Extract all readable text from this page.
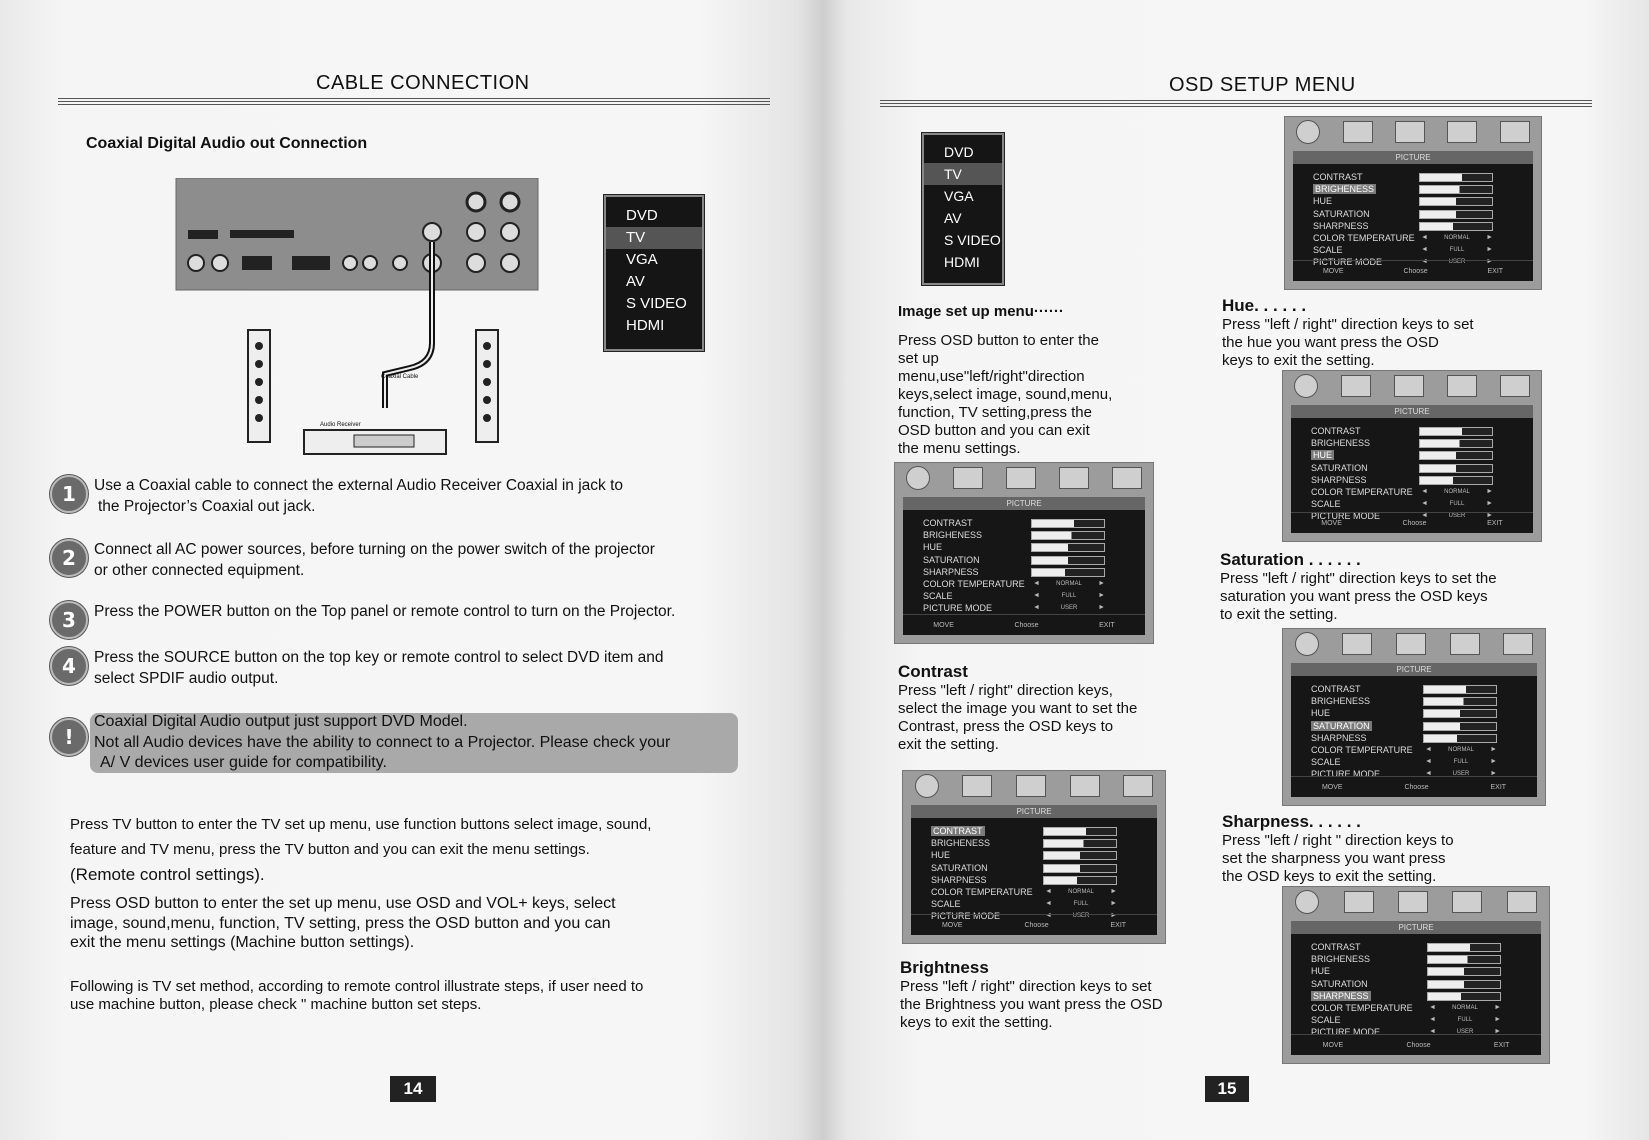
CABLE CONNECTION
Coaxial Digital Audio out Connection
Coaxial Cable
Audio Receiver
DVD
TV
VGA
AV
S VIDEO
HDMI
1	Use a Coaxial cable to connect the external Audio Receiver Coaxial in jack to
the Projector’s Coaxial out jack.
2	Connect all AC power sources, before turning on the power switch of the projector
or other connected equipment.
3	Press the POWER button on the Top panel or remote control to turn on the Projector.
4	Press the SOURCE button on the top key or remote control to select DVD item and
select SPDIF audio output.
!
Coaxial Digital Audio output just support DVD Model.
Not all Audio devices have the ability to connect to a Projector. Please check your
A/ V devices user guide for compatibility.
Press TV button to enter the TV set up menu, use function buttons select image, sound,
feature and TV menu, press the TV button and you can exit the menu settings.
(Remote control settings).
Press OSD button to enter the set up menu, use OSD and VOL+ keys, select
image, sound,menu, function, TV setting, press the OSD button and you can
exit the menu settings (Machine button settings).
Following is TV set method, according to remote control illustrate steps, if user need to
use machine button, please check " machine button set steps.
14
OSD SETUP MENU
DVD
TV
VGA
AV
S VIDEO
HDMI
Image set up menu······
Press OSD button to enter the
set up
menu,use"left/right"direction
keys,select image, sound,menu,
function, TV setting,press the
OSD button and you can exit
the menu settings.
PICTURE
CONTRAST
BRIGHENESS
HUE
SATURATION
SHARPNESS
COLOR TEMPERATURE	◄ NORMAL ►
SCALE	◄ FULL ►
PICTURE MODE	◄ USER ►
MOVE	Choose	EXIT
PICTURE
CONTRAST
BRIGHENESS
HUE
SATURATION
SHARPNESS
COLOR TEMPERATURE	◄ NORMAL ►
SCALE	◄ FULL ►
PICTURE MODE	◄ USER ►
MOVE	Choose	EXIT
PICTURE
CONTRAST
BRIGHENESS
HUE
SATURATION
SHARPNESS
COLOR TEMPERATURE	◄ NORMAL ►
SCALE	◄ FULL ►
PICTURE MODE	◄ USER ►
MOVE	Choose	EXIT
PICTURE
CONTRAST
BRIGHENESS
HUE
SATURATION
SHARPNESS
COLOR TEMPERATURE	◄ NORMAL ►
SCALE	◄ FULL ►
PICTURE MODE	◄ USER ►
MOVE	Choose	EXIT
PICTURE
CONTRAST
BRIGHENESS
HUE
SATURATION
SHARPNESS
COLOR TEMPERATURE	◄ NORMAL ►
SCALE	◄ FULL ►
PICTURE MODE	◄ USER ►
MOVE	Choose	EXIT
PICTURE
CONTRAST
BRIGHENESS
HUE
SATURATION
SHARPNESS
COLOR TEMPERATURE	◄ NORMAL ►
SCALE	◄ FULL ►
PICTURE MODE	◄ USER ►
MOVE	Choose	EXIT
Contrast
Press "left / right" direction keys,
select the image you want to set the
Contrast, press the OSD keys to
exit the setting.
Brightness
Press "left / right" direction keys to set
the Brightness you want press the OSD
keys to exit the setting.
Hue. . . . . .
Press "left / right" direction keys to set
the hue you want press the OSD
keys to exit the setting.
Saturation . . . . . .
Press "left / right" direction keys to set the
saturation you want press the OSD keys
to exit the setting.
Sharpness. . . . . .
Press "left / right " direction keys to
set the sharpness you want press
the OSD keys to exit the setting.
15
